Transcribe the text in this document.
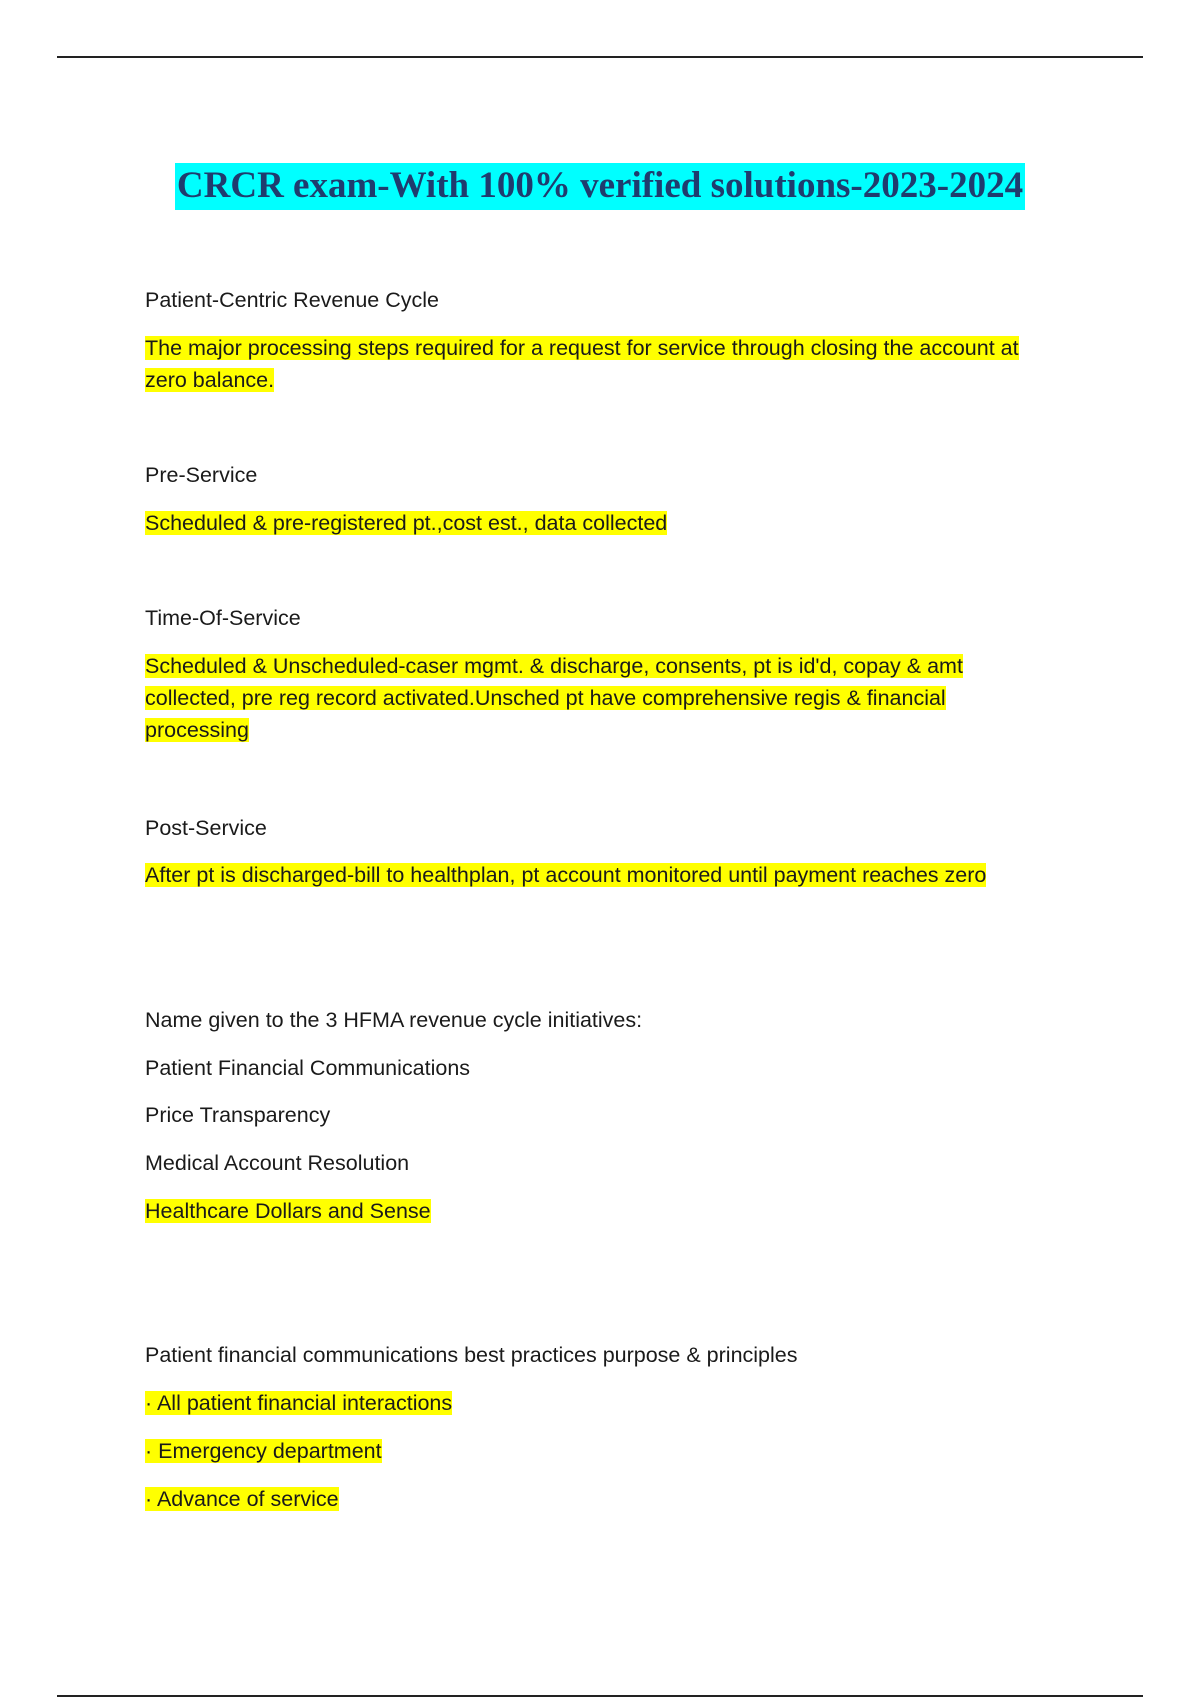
CRCR exam-With 100% verified solutions-2023-2024

Patient-Centric Revenue Cycle

The major processing steps required for a request for service through closing the account at
zero balance.

Pre-Service

Scheduled & pre-registered pt.,cost est., data collected

Time-Of-Service

Scheduled & Unscheduled-caser mgmt. & discharge, consents, pt is id'd, copay & amt
collected, pre reg record activated.Unsched pt have comprehensive regis & financial
processing

Post-Service

After pt is discharged-bill to healthplan, pt account monitored until payment reaches zero

Name given to the 3 HFMA revenue cycle initiatives:

Patient Financial Communications

Price Transparency

Medical Account Resolution

Healthcare Dollars and Sense

Patient financial communications best practices purpose & principles

· All patient financial interactions
· Emergency department
· Advance of service
